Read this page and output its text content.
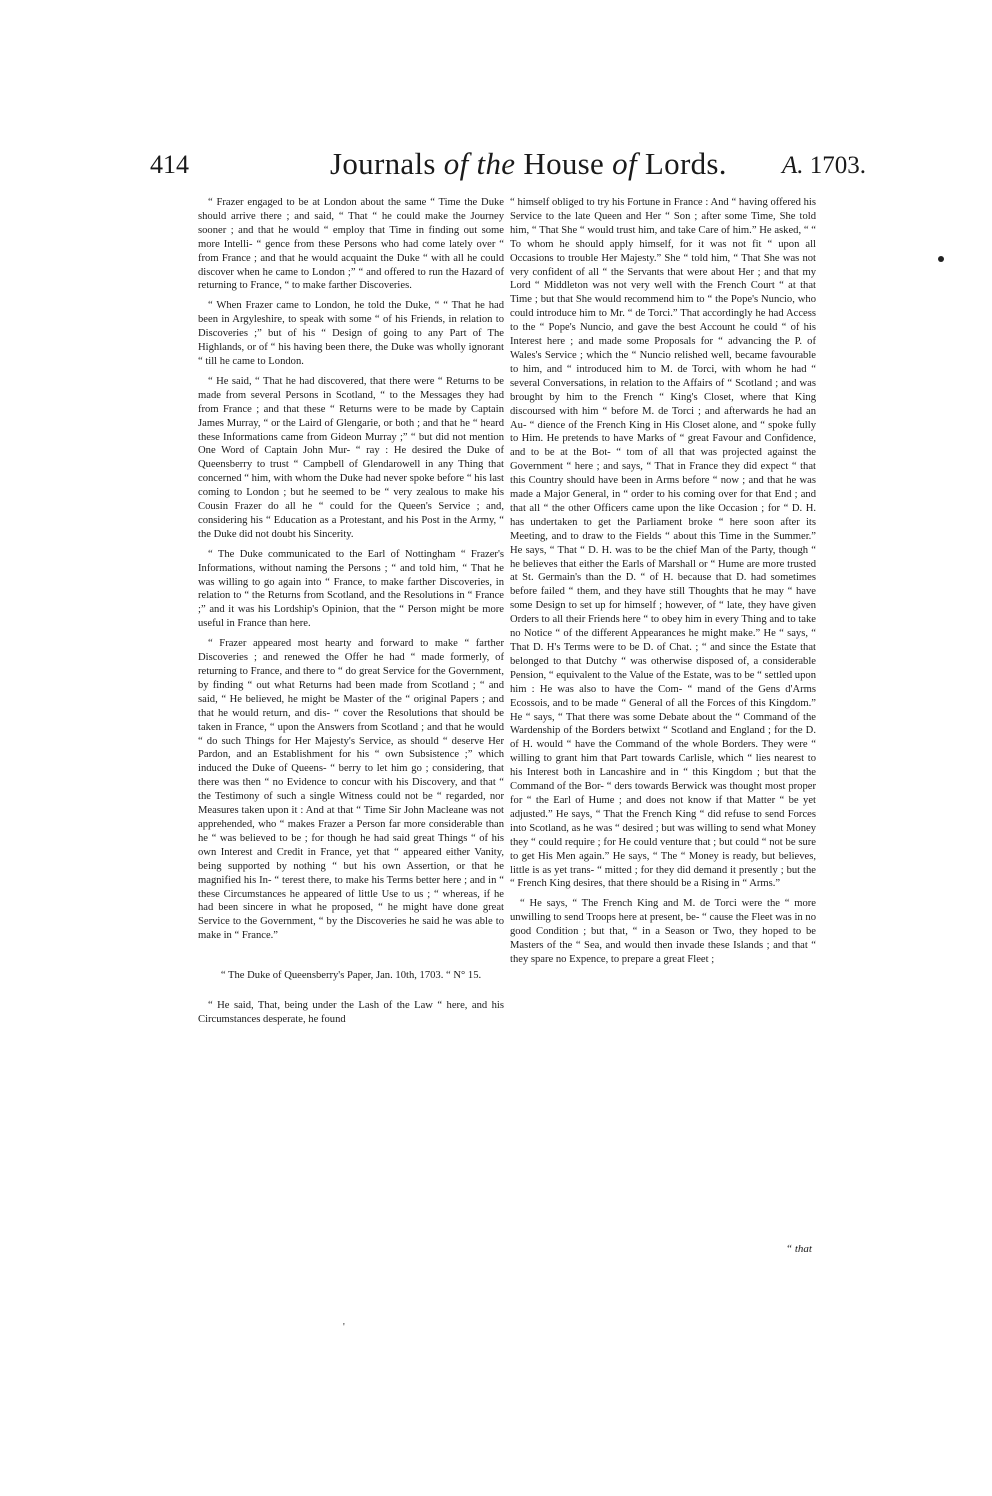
414	Journals of the House of Lords. A. 1703.

“ Frazer engaged to be at London about the same “ Time the Duke should arrive there ; and said, “ That “ he could make the Journey sooner ; and that he would “ employ that Time in finding out some more Intelli- “ gence from these Persons who had come lately over “ from France ; and that he would acquaint the Duke “ with all he could discover when he came to London ;” “ and offered to run the Hazard of returning to France, “ to make farther Discoveries.

“ When Frazer came to London, he told the Duke, “ “ That he had been in Argyleshire, to speak with some “ of his Friends, in relation to Discoveries ;” but of his “ Design of going to any Part of The Highlands, or of “ his having been there, the Duke was wholly ignorant “ till he came to London.

“ He said, “ That he had discovered, that there were “ Returns to be made from several Persons in Scotland, “ to the Messages they had from France ; and that these “ Returns were to be made by Captain James Murray, “ or the Laird of Glengarie, or both ; and that he “ heard these Informations came from Gideon Murray ;” “ but did not mention One Word of Captain John Mur- “ ray : He desired the Duke of Queensberry to trust “ Campbell of Glendarowell in any Thing that concerned “ him, with whom the Duke had never spoke before “ his last coming to London ; but he seemed to be “ very zealous to make his Cousin Frazer do all he “ could for the Queen's Service ; and, considering his “ Education as a Protestant, and his Post in the Army, “ the Duke did not doubt his Sincerity.

“ The Duke communicated to the Earl of Nottingham “ Frazer's Informations, without naming the Persons ; “ and told him, “ That he was willing to go again into “ France, to make farther Discoveries, in relation to “ the Returns from Scotland, and the Resolutions in “ France ;” and it was his Lordship's Opinion, that the “ Person might be more useful in France than here.

“ Frazer appeared most hearty and forward to make “ farther Discoveries ; and renewed the Offer he had “ made formerly, of returning to France, and there to “ do great Service for the Government, by finding “ out what Returns had been made from Scotland ; “ and said, “ He believed, he might be Master of the “ original Papers ; and that he would return, and dis- “ cover the Resolutions that should be taken in France, “ upon the Answers from Scotland ; and that he would “ do such Things for Her Majesty's Service, as should “ deserve Her Pardon, and an Establishment for his “ own Subsistence ;” which induced the Duke of Queens- “ berry to let him go ; considering, that there was then “ no Evidence to concur with his Discovery, and that “ the Testimony of such a single Witness could not be “ regarded, nor Measures taken upon it : And at that “ Time Sir John Macleane was not apprehended, who “ makes Frazer a Person far more considerable than he “ was believed to be ; for though he had said great Things “ of his own Interest and Credit in France, yet that “ appeared either Vanity, being supported by nothing “ but his own Assertion, or that he magnified his In- “ terest there, to make his Terms better here ; and in “ these Circumstances he appeared of little Use to us ; “ whereas, if he had been sincere in what he proposed, “ he might have done great Service to the Government, “ by the Discoveries he said he was able to make in “ France.”

“ The Duke of Queensberry's Paper, Jan. 10th, 1703. “ N° 15.

“ He said, That, being under the Lash of the Law “ here, and his Circumstances desperate, he found

“ himself obliged to try his Fortune in France : And “ having offered his Service to the late Queen and Her “ Son ; after some Time, She told him, “ That She “ would trust him, and take Care of him.” He asked, “ “ To whom he should apply himself, for it was not fit “ upon all Occasions to trouble Her Majesty.” She “ told him, “ That She was not very confident of all “ the Servants that were about Her ; and that my Lord “ Middleton was not very well with the French Court “ at that Time ; but that She would recommend him to “ the Pope's Nuncio, who could introduce him to Mr. “ de Torci.” That accordingly he had Access to the “ Pope's Nuncio, and gave the best Account he could “ of his Interest here ; and made some Proposals for “ advancing the P. of Wales's Service ; which the “ Nuncio relished well, became favourable to him, and “ introduced him to M. de Torci, with whom he had “ several Conversations, in relation to the Affairs of “ Scotland ; and was brought by him to the French “ King's Closet, where that King discoursed with him “ before M. de Torci ; and afterwards he had an Au- “ dience of the French King in His Closet alone, and “ spoke fully to Him. He pretends to have Marks of “ great Favour and Confidence, and to be at the Bot- “ tom of all that was projected against the Government “ here ; and says, “ That in France they did expect “ that this Country should have been in Arms before “ now ; and that he was made a Major General, in “ order to his coming over for that End ; and that all “ the other Officers came upon the like Occasion ; for “ D. H. has undertaken to get the Parliament broke “ here soon after its Meeting, and to draw to the Fields “ about this Time in the Summer.” He says, “ That “ D. H. was to be the chief Man of the Party, though “ he believes that either the Earls of Marshall or “ Hume are more trusted at St. Germain's than the D. “ of H. because that D. had sometimes before failed “ them, and they have still Thoughts that he may “ have some Design to set up for himself ; however, of “ late, they have given Orders to all their Friends here “ to obey him in every Thing and to take no Notice “ of the different Appearances he might make.” He “ says, “ That D. H's Terms were to be D. of Chat. ; “ and since the Estate that belonged to that Dutchy “ was otherwise disposed of, a considerable Pension, “ equivalent to the Value of the Estate, was to be “ settled upon him : He was also to have the Com- “ mand of the Gens d'Arms Ecossois, and to be made “ General of all the Forces of this Kingdom.” He “ says, “ That there was some Debate about the “ Command of the Wardenship of the Borders betwixt “ Scotland and England ; for the D. of H. would “ have the Command of the whole Borders. They were “ willing to grant him that Part towards Carlisle, which “ lies nearest to his Interest both in Lancashire and in “ this Kingdom ; but that the Command of the Bor- “ ders towards Berwick was thought most proper for “ the Earl of Hume ; and does not know if that Matter “ be yet adjusted.” He says, “ That the French King “ did refuse to send Forces into Scotland, as he was “ desired ; but was willing to send what Money they “ could require ; for He could venture that ; but could “ not be sure to get His Men again.” He says, “ The “ Money is ready, but believes, little is as yet trans- “ mitted ; for they did demand it presently ; but the “ French King desires, that there should be a Rising in “ Arms.”

“ He says, “ The French King and M. de Torci were the “ more unwilling to send Troops here at present, be- “ cause the Fleet was in no good Condition ; but that, “ in a Season or Two, they hoped to be Masters of the “ Sea, and would then invade these Islands ; and that “ they spare no Expence, to prepare a great Fleet ;

“ that
'
